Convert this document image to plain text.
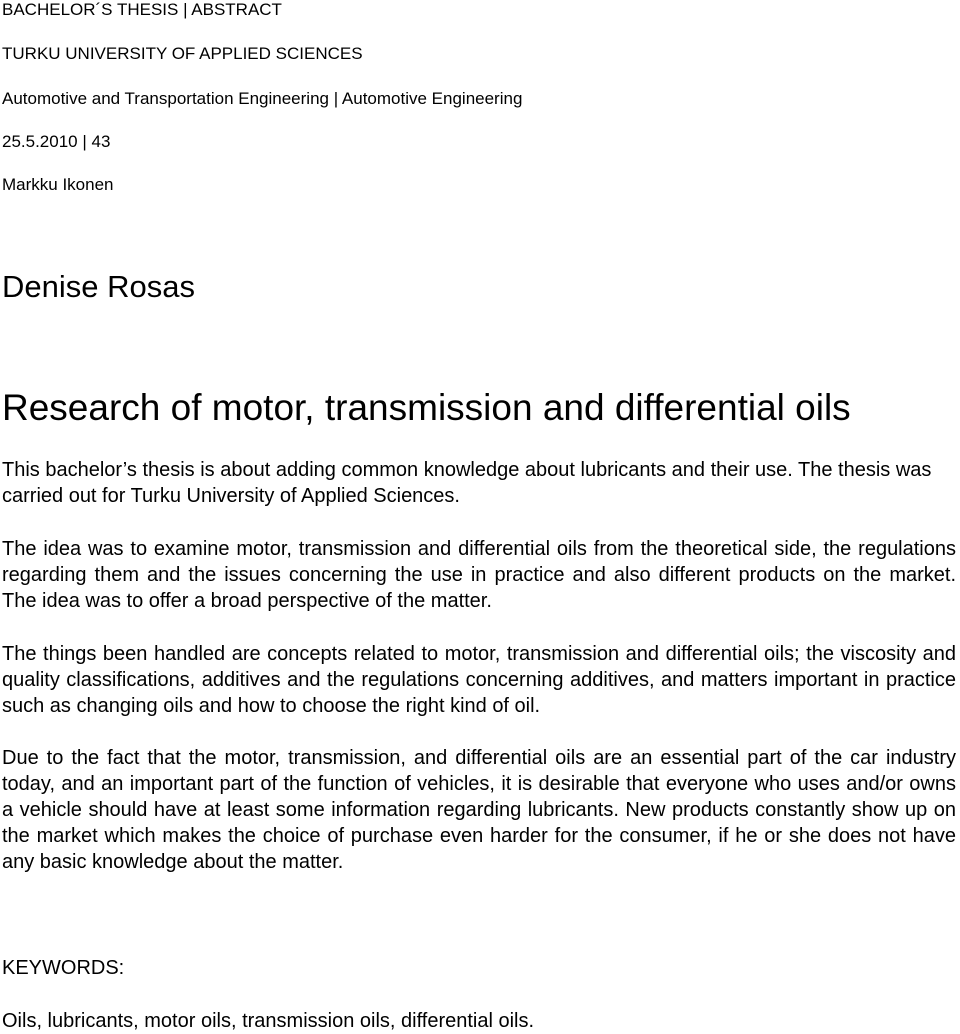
BACHELOR´S THESIS | ABSTRACT
TURKU UNIVERSITY OF APPLIED SCIENCES
Automotive and Transportation Engineering | Automotive Engineering
25.5.2010 | 43
Markku Ikonen
Denise Rosas
Research of motor, transmission and differential oils

This bachelor’s thesis is about adding common knowledge about lubricants and their use. The thesis was carried out for Turku University of Applied Sciences.

The idea was to examine motor, transmission and differential oils from the theoretical side, the regulations regarding them and the issues concerning the use in practice and also different products on the market. The idea was to offer a broad perspective of the matter.

The things been handled are concepts related to motor, transmission and differential oils; the viscosity and quality classifications, additives and the regulations concerning additives, and matters important in practice such as changing oils and how to choose the right kind of oil.

Due to the fact that the motor, transmission, and differential oils are an essential part of the car industry today, and an important part of the function of vehicles, it is desirable that everyone who uses and/or owns a vehicle should have at least some information regarding lubricants. New products constantly show up on the market which makes the choice of purchase even harder for the consumer, if he or she does not have any basic knowledge about the matter.

KEYWORDS:
Oils, lubricants, motor oils, transmission oils, differential oils.
